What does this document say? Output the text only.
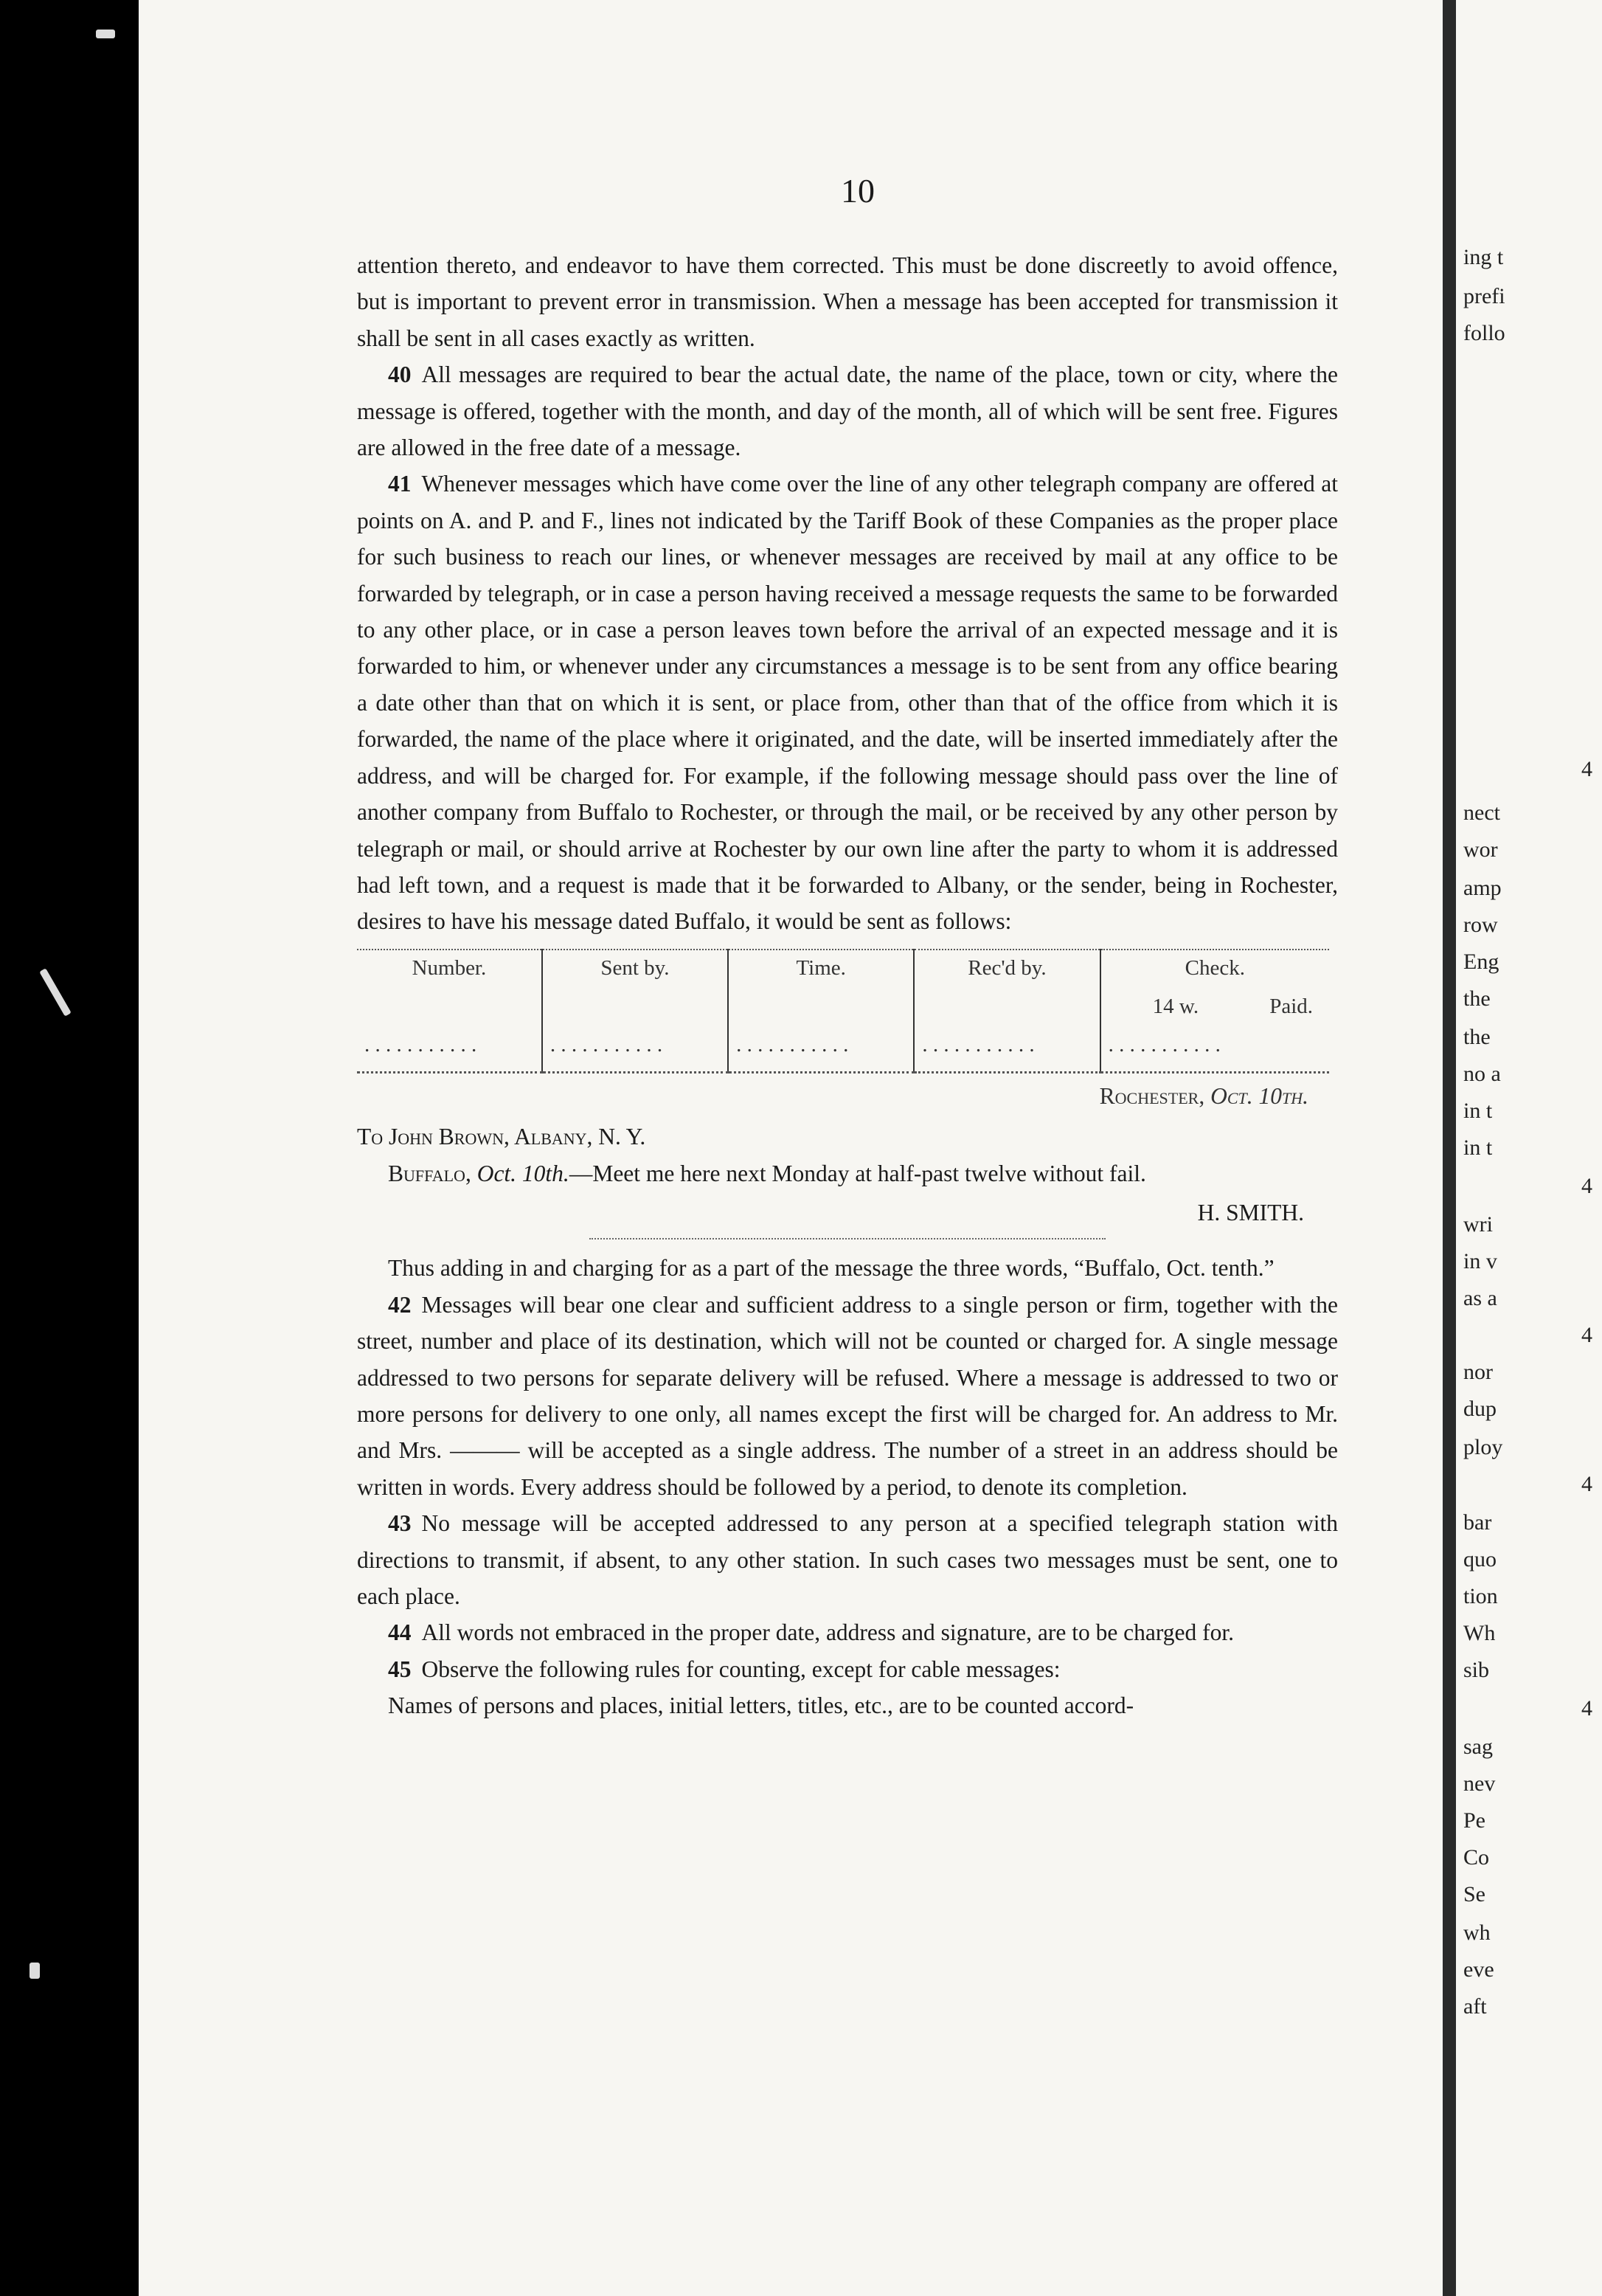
ing t
prefi
follo
4
nect
wor
amp
row
Eng
the
the
no a
in t
in t
4
wri
in v
as a
4
nor
dup
ploy
4
bar
quo
tion
Wh
sib
4
sag
nev
Pe
Co
Se
wh
eve
aft
10

attention thereto, and endeavor to have them corrected. This must be done discreetly to avoid offence, but is important to prevent error in transmission. When a message has been accepted for transmission it shall be sent in all cases exactly as written.

40 All messages are required to bear the actual date, the name of the place, town or city, where the message is offered, together with the month, and day of the month, all of which will be sent free. Figures are allowed in the free date of a message.

41 Whenever messages which have come over the line of any other telegraph company are offered at points on A. and P. and F., lines not indicated by the Tariff Book of these Companies as the proper place for such business to reach our lines, or whenever messages are received by mail at any office to be forwarded by telegraph, or in case a person having received a message requests the same to be forwarded to any other place, or in case a person leaves town before the arrival of an expected message and it is forwarded to him, or whenever under any circumstances a message is to be sent from any office bearing a date other than that on which it is sent, or place from, other than that of the office from which it is forwarded, the name of the place where it originated, and the date, will be inserted immediately after the address, and will be charged for. For example, if the following message should pass over the line of another company from Buffalo to Rochester, or through the mail, or be received by any other person by telegraph or mail, or should arrive at Rochester by our own line after the party to whom it is addressed had left town, and a request is made that it be forwarded to Albany, or the sender, being in Rochester, desires to have his message dated Buffalo, it would be sent as follows:

Number.	Sent by.	Time.	Rec'd by.	Check.

				14 w. Paid.

. . . . . . . . . . .	. . . . . . . . . . .	. . . . . . . . . . .	. . . . . . . . . . .	. . . . . . . . . . .
Rochester, Oct. 10th.
To John Brown, Albany, N. Y.

Buffalo, Oct. 10th.—Meet me here next Monday at half-past twelve without fail.

H. SMITH.

Thus adding in and charging for as a part of the message the three words, “Buffalo, Oct. tenth.”

42 Messages will bear one clear and sufficient address to a single person or firm, together with the street, number and place of its destination, which will not be counted or charged for. A single message addressed to two persons for separate delivery will be refused. Where a message is addressed to two or more persons for delivery to one only, all names except the first will be charged for. An address to Mr. and Mrs. ——— will be accepted as a single address. The number of a street in an address should be written in words. Every address should be followed by a period, to denote its completion.

43 No message will be accepted addressed to any person at a specified telegraph station with directions to transmit, if absent, to any other station. In such cases two messages must be sent, one to each place.

44 All words not embraced in the proper date, address and signature, are to be charged for.

45 Observe the following rules for counting, except for cable messages:

Names of persons and places, initial letters, titles, etc., are to be counted accord-
